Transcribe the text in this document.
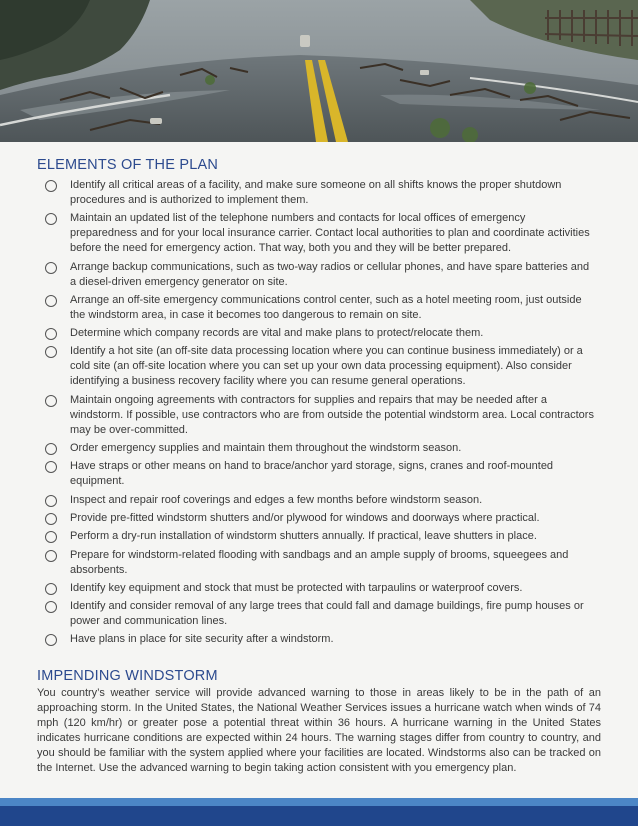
ELEMENTS OF THE PLAN
Identify all critical areas of a facility, and make sure someone on all shifts knows the proper shutdown procedures and is authorized to implement them.
Maintain an updated list of the telephone numbers and contacts for local offices of emergency preparedness and for your local insurance carrier. Contact local authorities to plan and coordinate activities before the need for emergency action. That way, both you and they will be better prepared.
Arrange backup communications, such as two-way radios or cellular phones, and have spare batteries and a diesel-driven emergency generator on site.
Arrange an off-site emergency communications control center, such as a hotel meeting room, just outside the windstorm area, in case it becomes too dangerous to remain on site.
Determine which company records are vital and make plans to protect/relocate them.
Identify a hot site (an off-site data processing location where you can continue business immediately) or a cold site (an off-site location where you can set up your own data processing equipment). Also consider identifying a business recovery facility where you can resume general operations.
Maintain ongoing agreements with contractors for supplies and repairs that may be needed after a windstorm. If possible, use contractors who are from outside the potential windstorm area. Local contractors may be over-committed.
Order emergency supplies and maintain them throughout the windstorm season.
Have straps or other means on hand to brace/anchor yard storage, signs, cranes and roof-mounted equipment.
Inspect and repair roof coverings and edges a few months before windstorm season.
Provide pre-fitted windstorm shutters and/or plywood for windows and doorways where practical.
Perform a dry-run installation of windstorm shutters annually. If practical, leave shutters in place.
Prepare for windstorm-related flooding with sandbags and an ample supply of brooms, squeegees and absorbents.
Identify key equipment and stock that must be protected with tarpaulins or waterproof covers.
Identify and consider removal of any large trees that could fall and damage buildings, fire pump houses or power and communication lines.
Have plans in place for site security after a windstorm.
IMPENDING WINDSTORM

You country’s weather service will provide advanced warning to those in areas likely to be in the path of an approaching storm. In the United States, the National Weather Services issues a hurricane watch when winds of 74 mph (120 km/hr) or greater pose a potential threat within 36 hours. A hurricane warning in the United States indicates hurricane conditions are expected within 24 hours. The warning stages differ from country to country, and you should be familiar with the system applied where your facilities are located. Windstorms also can be tracked on the Internet. Use the advanced warning to begin taking action consistent with you emergency plan.
